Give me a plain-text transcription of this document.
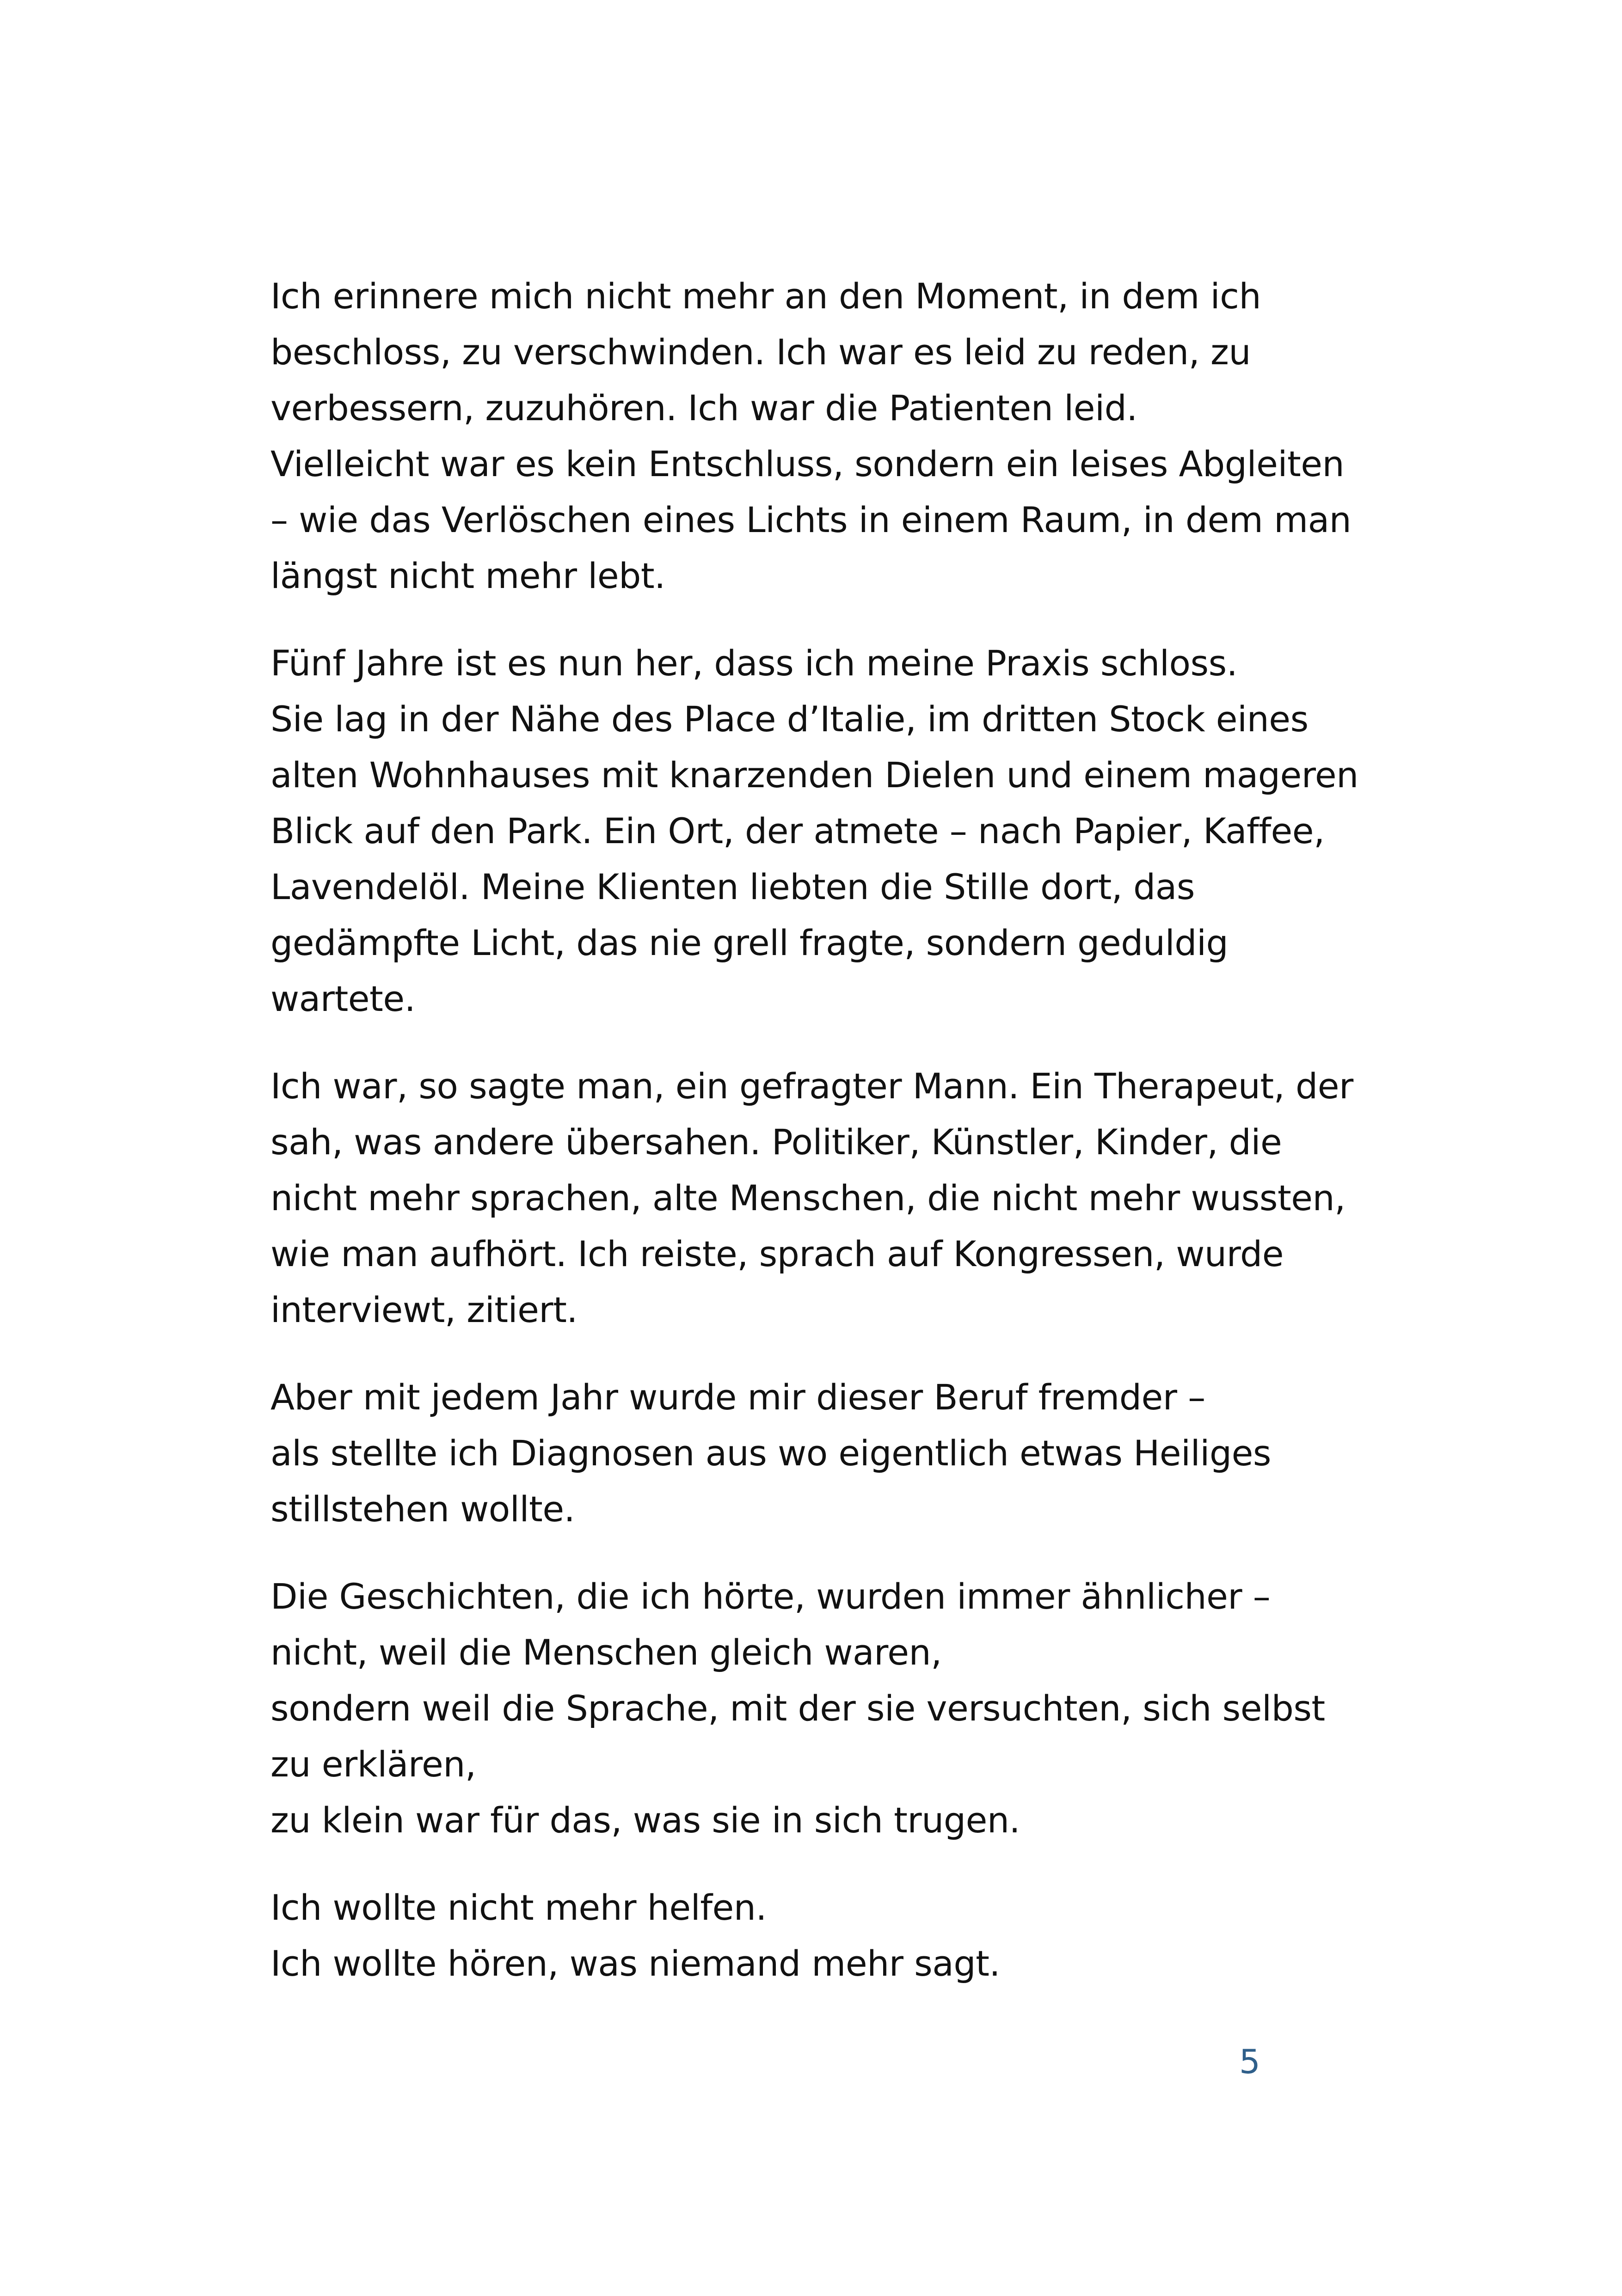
Ich erinnere mich nicht mehr an den Moment, in dem ich
beschloss, zu verschwinden. Ich war es leid zu reden, zu
verbessern, zuzuhören. Ich war die Patienten leid.
Vielleicht war es kein Entschluss, sondern ein leises Abgleiten
– wie das Verlöschen eines Lichts in einem Raum, in dem man
längst nicht mehr lebt.

Fünf Jahre ist es nun her, dass ich meine Praxis schloss.
Sie lag in der Nähe des Place d’Italie, im dritten Stock eines
alten Wohnhauses mit knarzenden Dielen und einem mageren
Blick auf den Park. Ein Ort, der atmete – nach Papier, Kaffee,
Lavendelöl. Meine Klienten liebten die Stille dort, das
gedämpfte Licht, das nie grell fragte, sondern geduldig
wartete.

Ich war, so sagte man, ein gefragter Mann. Ein Therapeut, der
sah, was andere übersahen. Politiker, Künstler, Kinder, die
nicht mehr sprachen, alte Menschen, die nicht mehr wussten,
wie man aufhört. Ich reiste, sprach auf Kongressen, wurde
interviewt, zitiert.

Aber mit jedem Jahr wurde mir dieser Beruf fremder –
als stellte ich Diagnosen aus wo eigentlich etwas Heiliges
stillstehen wollte.

Die Geschichten, die ich hörte, wurden immer ähnlicher –
nicht, weil die Menschen gleich waren,
sondern weil die Sprache, mit der sie versuchten, sich selbst
zu erklären,
zu klein war für das, was sie in sich trugen.

Ich wollte nicht mehr helfen.
Ich wollte hören, was niemand mehr sagt.

5
